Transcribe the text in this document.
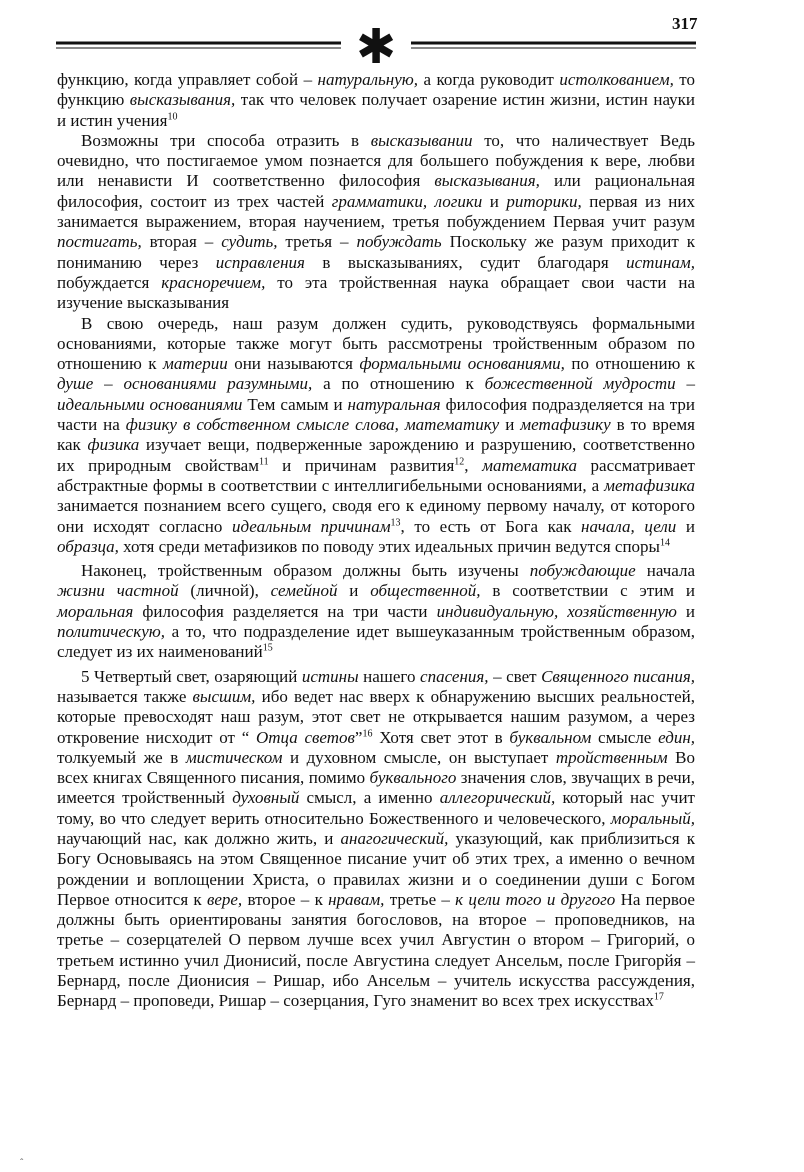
317
✱

функцию, когда управляет собой – натуральную, а когда руководит истолкованием, то функцию высказывания, так что человек получает озарение истин жизни, истин науки и истин учения$^{10}$

Возможны три способа отразить в высказывании то, что наличествует Ведь очевидно, что постигаемое умом познается для большего побуждения к вере, любви или ненависти И соответственно философия высказывания, или рациональная философия, состоит из трех частей грамматики, логики и риторики, первая из них занимается выражением, вторая научением, третья побуждением Первая учит разум постигать, вторая – судить, третья – побуждать Поскольку же разум приходит к пониманию через исправления в высказываниях, судит благодаря истинам, побуждается красноречием, то эта тройственная наука обращает свои части на изучение высказывания

В свою очередь, наш разум должен судить, руководствуясь формальными основаниями, которые также могут быть рассмотрены тройственным образом по отношению к материи они называются формальными основаниями, по отношению к душе – основаниями разумными, а по отношению к божественной мудрости – идеальными основаниями Тем самым и натуральная философия подразделяется на три части на физику в собственном смысле слова, математику и метафизику в то время как физика изучает вещи, подверженные зарождению и разрушению, соответственно их природным свойствам$^{11}$ и причинам развития$^{12}$, математика рассматривает абстрактные формы в соответствии с интеллигибельными основаниями, а метафизика занимается познанием всего сущего, сводя его к единому первому началу, от которого они исходят согласно идеальным причинам$^{13}$, то есть от Бога как начала, цели и образца, хотя среди метафизиков по поводу этих идеальных причин ведутся споры$^{14}$

Наконец, тройственным образом должны быть изучены побуждающие начала жизни частной (личной), семейной и общественной, в соответствии с этим и моральная философия разделяется на три части индивидуальную, хозяйственную и политическую, а то, что подразделение идет вышеуказанным тройственным образом, следует из их наименований$^{15}$

5 Четвертый свет, озаряющий истины нашего спасения, – свет Священного писания, называется также высшим, ибо ведет нас вверх к обнаружению высших реальностей, которые превосходят наш разум, этот свет не открывается нашим разумом, а через откровение нисходит от “ Отца светов”$^{16}$ Хотя свет этот в буквальном смысле един, толкуемый же в мистическом и духовном смысле, он выступает тройственным Во всех книгах Священного писания, помимо буквального значения слов, звучащих в речи, имеется тройственный духовный смысл, а именно аллегорический, который нас учит тому, во что следует верить относительно Божественного и человеческого, моральный, научающий нас, как должно жить, и анагогический, указующий, как приблизиться к Богу Основываясь на этом Священное писание учит об этих трех, а именно о вечном рождении и воплощении Христа, о правилах жизни и о соединении души с Богом Первое относится к вере, второе – к нравам, третье – к цели того и другого На первое должны быть ориентированы занятия богословов, на второе – проповедников, на третье – созерцателей О первом лучше всех учил Августин о втором – Григорий, о третьем истинно учил Дионисий, после Августина следует Ансельм, после Григорйя – Бернард, после Дионисия – Ришар, ибо Ансельм – учитель искусства рассуждения, Бернард – проповеди, Ришар – созерцания, Гуго знаменит во всех трех искусствах$^{17}$

ˆ
